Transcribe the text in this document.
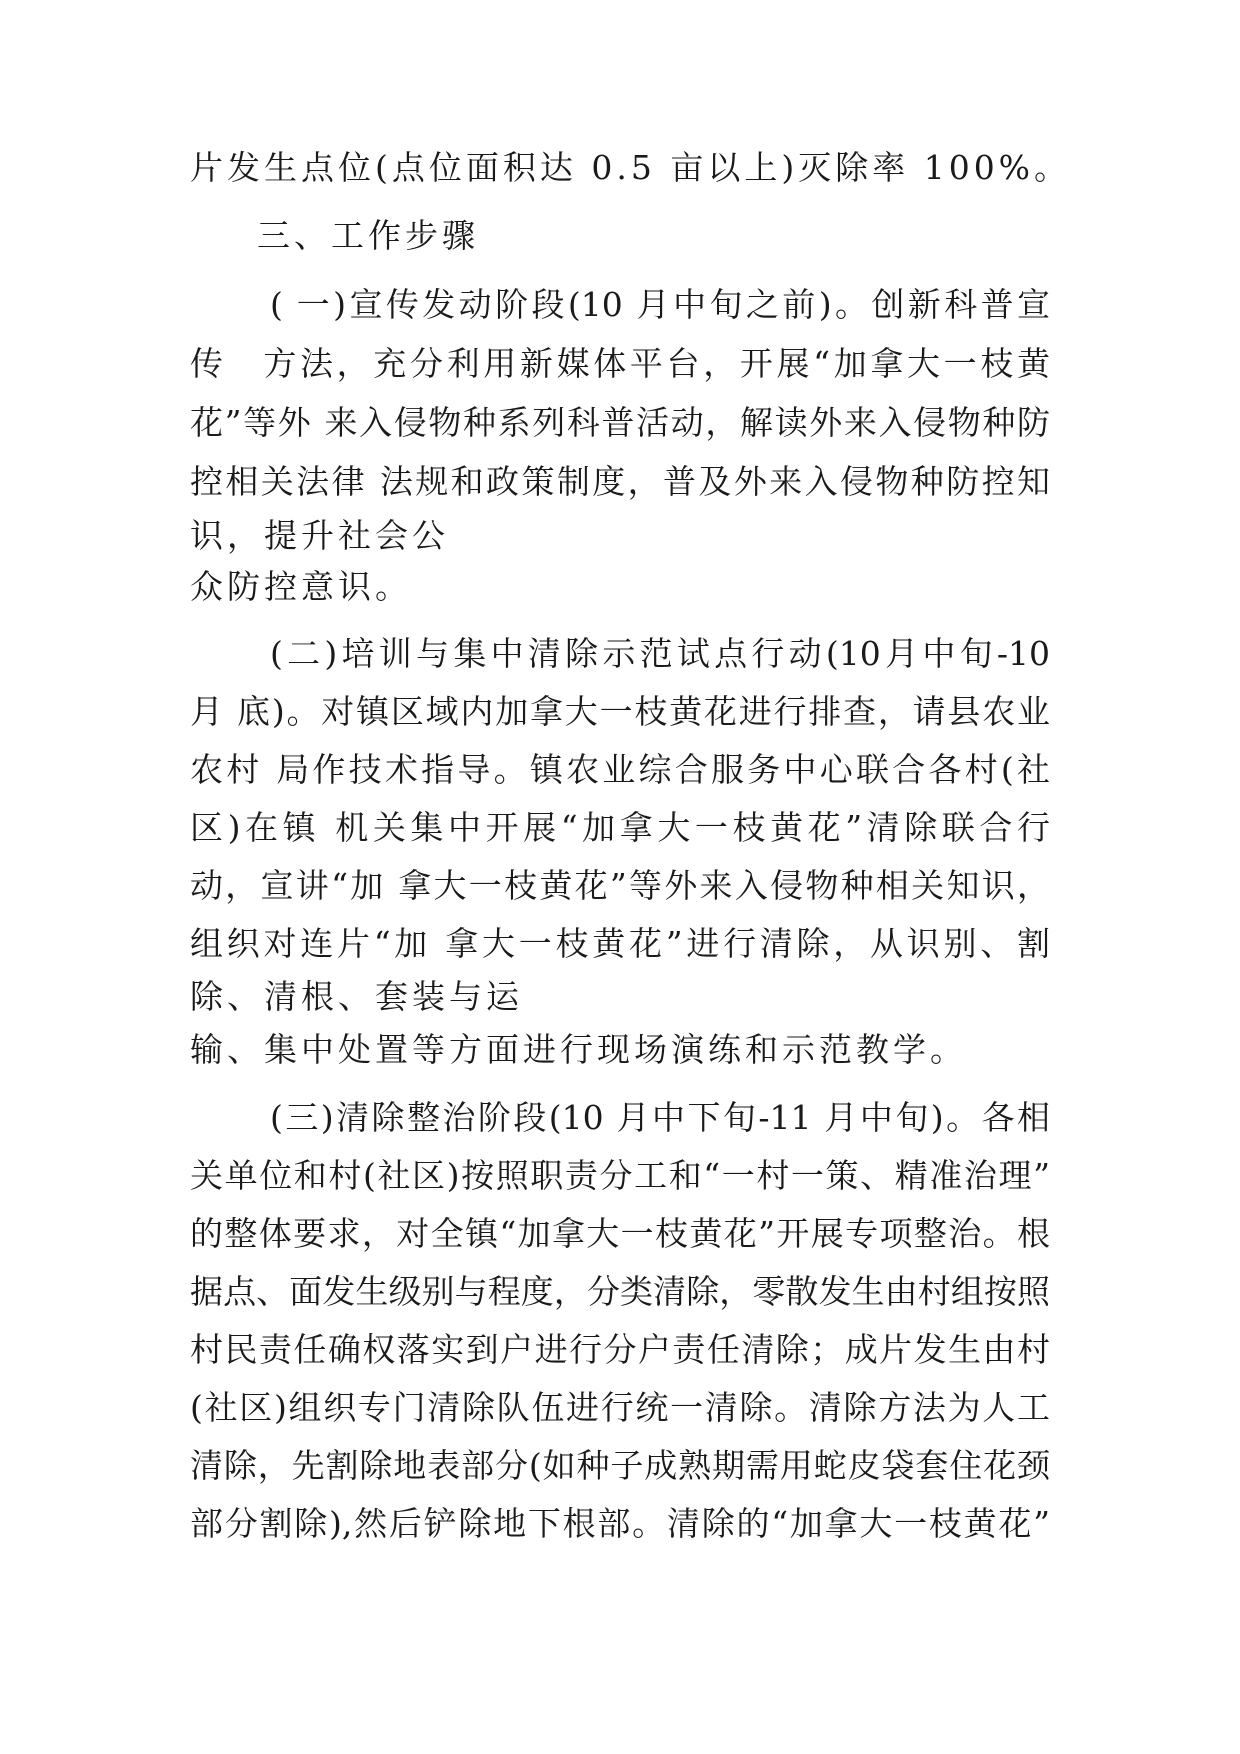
片发生点位(点位面积达 0.5 亩以上)灭除率 100%。
三、工作步骤
( 一)宣传发动阶段(10 月中旬之前)。创新科普宣
传　方法，充分利用新媒体平台，开展“加拿大一枝黄
花”等外 来入侵物种系列科普活动，解读外来入侵物种防
控相关法律 法规和政策制度，普及外来入侵物种防控知
识，提升社会公
众防控意识。
(二)培训与集中清除示范试点行动(10月中旬-10
月 底)。对镇区域内加拿大一枝黄花进行排查，请县农业
农村 局作技术指导。镇农业综合服务中心联合各村(社
区)在镇 机关集中开展“加拿大一枝黄花”清除联合行
动，宣讲“加 拿大一枝黄花”等外来入侵物种相关知识，
组织对连片“加 拿大一枝黄花”进行清除，从识别、割
除、清根、套装与运
输、集中处置等方面进行现场演练和示范教学。
(三)清除整治阶段(10 月中下旬-11 月中旬)。各相
关单位和村(社区)按照职责分工和“一村一策、精准治理”
的整体要求，对全镇“加拿大一枝黄花”开展专项整治。根
据点、面发生级别与程度，分类清除，零散发生由村组按照
村民责任确权落实到户进行分户责任清除；成片发生由村
(社区)组织专门清除队伍进行统一清除。清除方法为人工
清除，先割除地表部分(如种子成熟期需用蛇皮袋套住花颈
部分割除),然后铲除地下根部。清除的“加拿大一枝黄花”
